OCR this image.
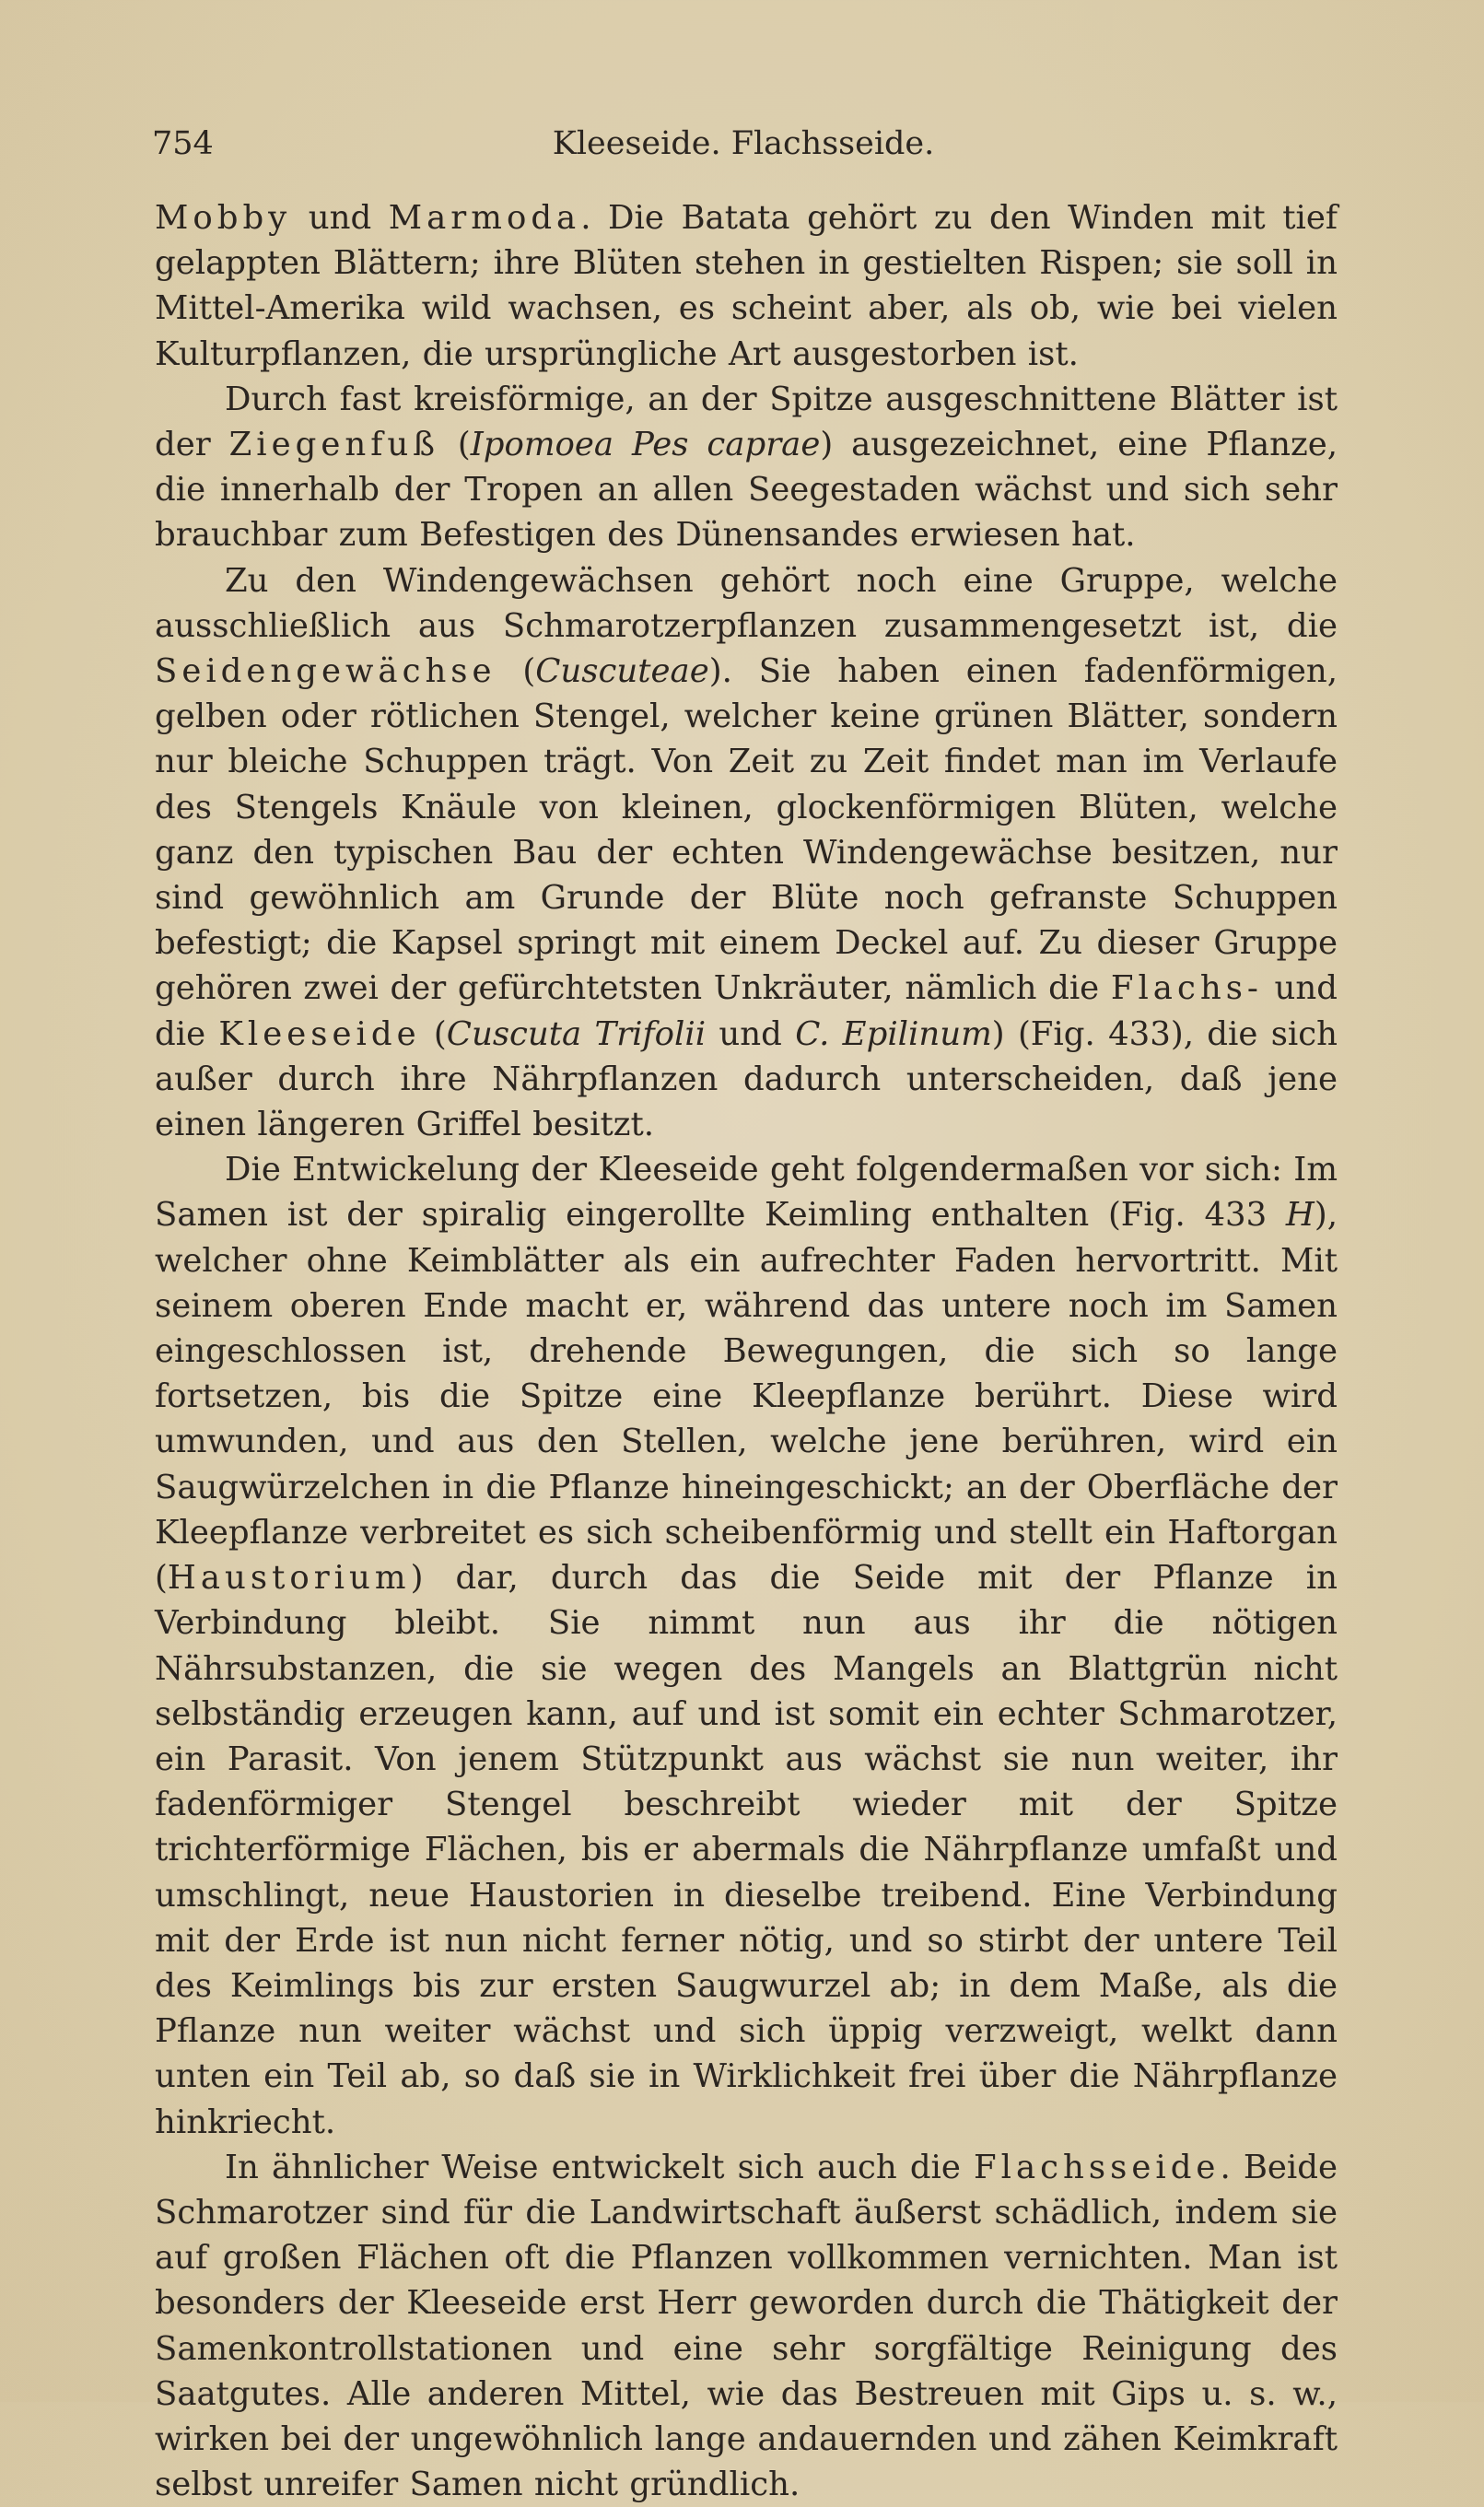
754	Kleeseide. Flachsseide.

Mobby und Marmoda. Die Batata gehört zu den Winden mit tief gelappten Blättern; ihre Blüten stehen in gestielten Rispen; sie soll in Mittel-Amerika wild wachsen, es scheint aber, als ob, wie bei vielen Kulturpflanzen, die ursprüngliche Art ausgestorben ist.

Durch fast kreisförmige, an der Spitze ausgeschnittene Blätter ist der Ziegenfuß (Ipomoea Pes caprae) ausgezeichnet, eine Pflanze, die innerhalb der Tropen an allen Seegestaden wächst und sich sehr brauchbar zum Befestigen des Dünensandes erwiesen hat.

Zu den Windengewächsen gehört noch eine Gruppe, welche ausschließlich aus Schmarotzerpflanzen zusammengesetzt ist, die Seidengewächse (Cuscuteae). Sie haben einen fadenförmigen, gelben oder rötlichen Stengel, welcher keine grünen Blätter, sondern nur bleiche Schuppen trägt. Von Zeit zu Zeit findet man im Verlaufe des Stengels Knäule von kleinen, glockenförmigen Blüten, welche ganz den typischen Bau der echten Windengewächse besitzen, nur sind gewöhnlich am Grunde der Blüte noch gefranste Schuppen befestigt; die Kapsel springt mit einem Deckel auf. Zu dieser Gruppe gehören zwei der gefürchtetsten Unkräuter, nämlich die Flachs- und die Kleeseide (Cuscuta Trifolii und C. Epilinum) (Fig. 433), die sich außer durch ihre Nährpflanzen dadurch unterscheiden, daß jene einen längeren Griffel besitzt.

Die Entwickelung der Kleeseide geht folgendermaßen vor sich: Im Samen ist der spiralig eingerollte Keimling enthalten (Fig. 433 H), welcher ohne Keimblätter als ein aufrechter Faden hervortritt. Mit seinem oberen Ende macht er, während das untere noch im Samen eingeschlossen ist, drehende Bewegungen, die sich so lange fortsetzen, bis die Spitze eine Kleepflanze berührt. Diese wird umwunden, und aus den Stellen, welche jene berühren, wird ein Saugwürzelchen in die Pflanze hineingeschickt; an der Oberfläche der Kleepflanze verbreitet es sich scheibenförmig und stellt ein Haftorgan (Haustorium) dar, durch das die Seide mit der Pflanze in Verbindung bleibt. Sie nimmt nun aus ihr die nötigen Nährsubstanzen, die sie wegen des Mangels an Blattgrün nicht selbständig erzeugen kann, auf und ist somit ein echter Schmarotzer, ein Parasit. Von jenem Stützpunkt aus wächst sie nun weiter, ihr fadenförmiger Stengel beschreibt wieder mit der Spitze trichterförmige Flächen, bis er abermals die Nährpflanze umfaßt und umschlingt, neue Haustorien in dieselbe treibend. Eine Verbindung mit der Erde ist nun nicht ferner nötig, und so stirbt der untere Teil des Keimlings bis zur ersten Saugwurzel ab; in dem Maße, als die Pflanze nun weiter wächst und sich üppig verzweigt, welkt dann unten ein Teil ab, so daß sie in Wirklichkeit frei über die Nährpflanze hinkriecht.

In ähnlicher Weise entwickelt sich auch die Flachsseide. Beide Schmarotzer sind für die Landwirtschaft äußerst schädlich, indem sie auf großen Flächen oft die Pflanzen vollkommen vernichten. Man ist besonders der Kleeseide erst Herr geworden durch die Thätigkeit der Samenkontrollstationen und eine sehr sorgfältige Reinigung des Saatgutes. Alle anderen Mittel, wie das Bestreuen mit Gips u. s. w., wirken bei der ungewöhnlich lange andauernden und zähen Keimkraft selbst unreifer Samen nicht gründlich.
